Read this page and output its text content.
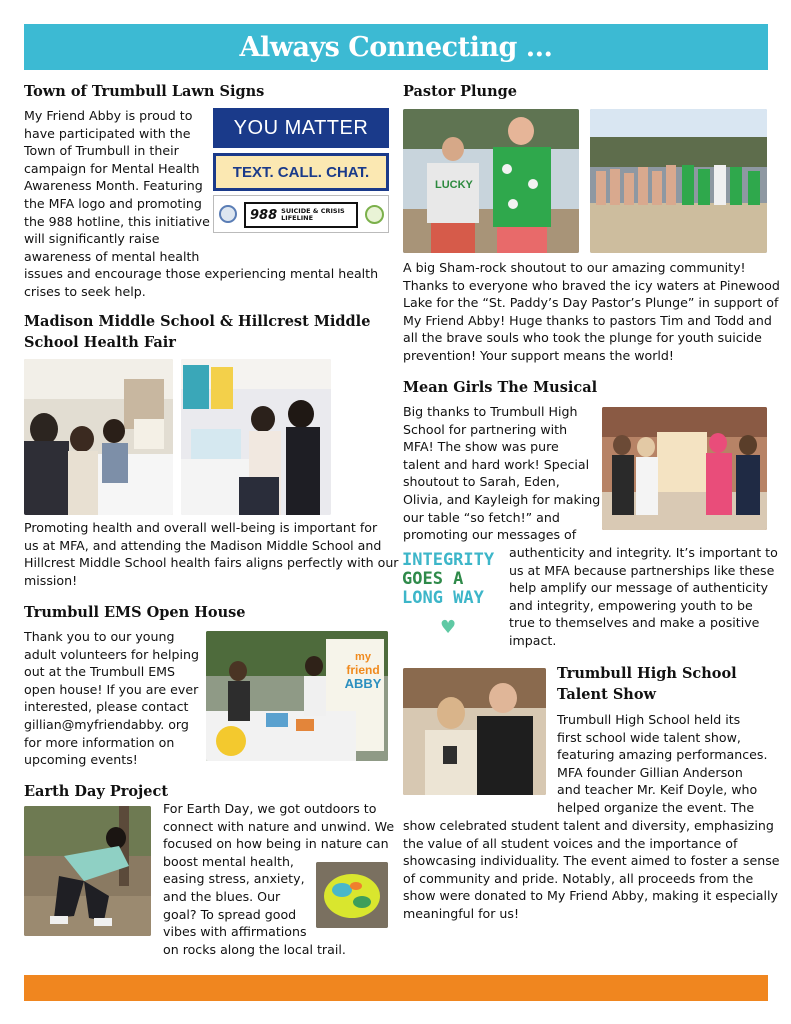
Always Connecting ...
Town of Trumbull Lawn Signs
My Friend Abby is proud to
have participated with the
Town of Trumbull in their
campaign for Mental Health
Awareness Month. Featuring
the MFA logo and promoting
the 988 hotline, this initiative
will significantly raise
awareness of mental health
issues and encourage those experiencing mental health
crises to seek help.
YOU MATTER
TEXT. CALL. CHAT.
988 SUICIDE & CRISIS LIFELINE
Madison Middle School & Hillcrest Middle
School Health Fair
Promoting health and overall well-being is important for
us at MFA, and attending the Madison Middle School and
Hillcrest Middle School health fairs aligns perfectly with our
mission!
Trumbull EMS Open House
Thank you to our young
adult volunteers for helping
out at the Trumbull EMS
open house! If you are ever
interested, please contact
gillian@myfriendabby. org
for more information on
upcoming events!
my
friend
ABBY
Earth Day Project
For Earth Day, we got outdoors to
connect with nature and unwind. We
focused on how being in nature can
boost mental health,
easing stress, anxiety,
and the blues. Our
goal? To spread good
vibes with affirmations
on rocks along the local trail.
Pastor Plunge
LUCKY
A big Sham-rock shoutout to our amazing community!
Thanks to everyone who braved the icy waters at Pinewood
Lake for the “St. Paddy’s Day Pastor’s Plunge” in support of
My Friend Abby! Huge thanks to pastors Tim and Todd and
all the brave souls who took the plunge for youth suicide
prevention! Your support means the world!
Mean Girls The Musical
Big thanks to Trumbull High
School for partnering with
MFA! The show was pure
talent and hard work! Special
shoutout to Sarah, Eden,
Olivia, and Kayleigh for making
our table “so fetch!” and
promoting our messages of
INTEGRITY
GOES A
LONG WAY
♥
authenticity and integrity. It’s important to
us at MFA because partnerships like these
help amplify our message of authenticity
and integrity, empowering youth to be
true to themselves and make a positive
impact.
Trumbull High School
Talent Show
Trumbull High School held its
first school wide talent show,
featuring amazing performances.
MFA founder Gillian Anderson
and teacher Mr. Keif Doyle, who
helped organize the event. The
show celebrated student talent and diversity, emphasizing
the value of all student voices and the importance of
showcasing individuality. The event aimed to foster a sense
of community and pride. Notably, all proceeds from the
show were donated to My Friend Abby, making it especially
meaningful for us!
